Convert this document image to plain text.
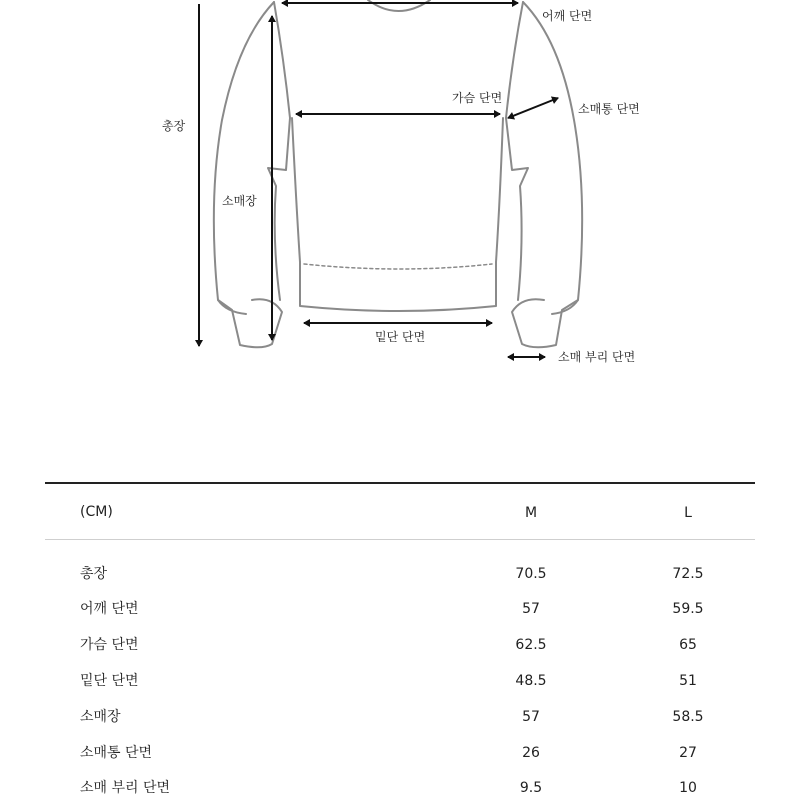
총장
어깨 단면
가슴 단면
소매통 단면
소매장
밑단 단면
소매 부리 단면
(CM)	M	L
총장	70.5	72.5
어깨 단면	57	59.5
가슴 단면	62.5	65
밑단 단면	48.5	51
소매장	57	58.5
소매통 단면	26	27
소매 부리 단면	9.5	10
